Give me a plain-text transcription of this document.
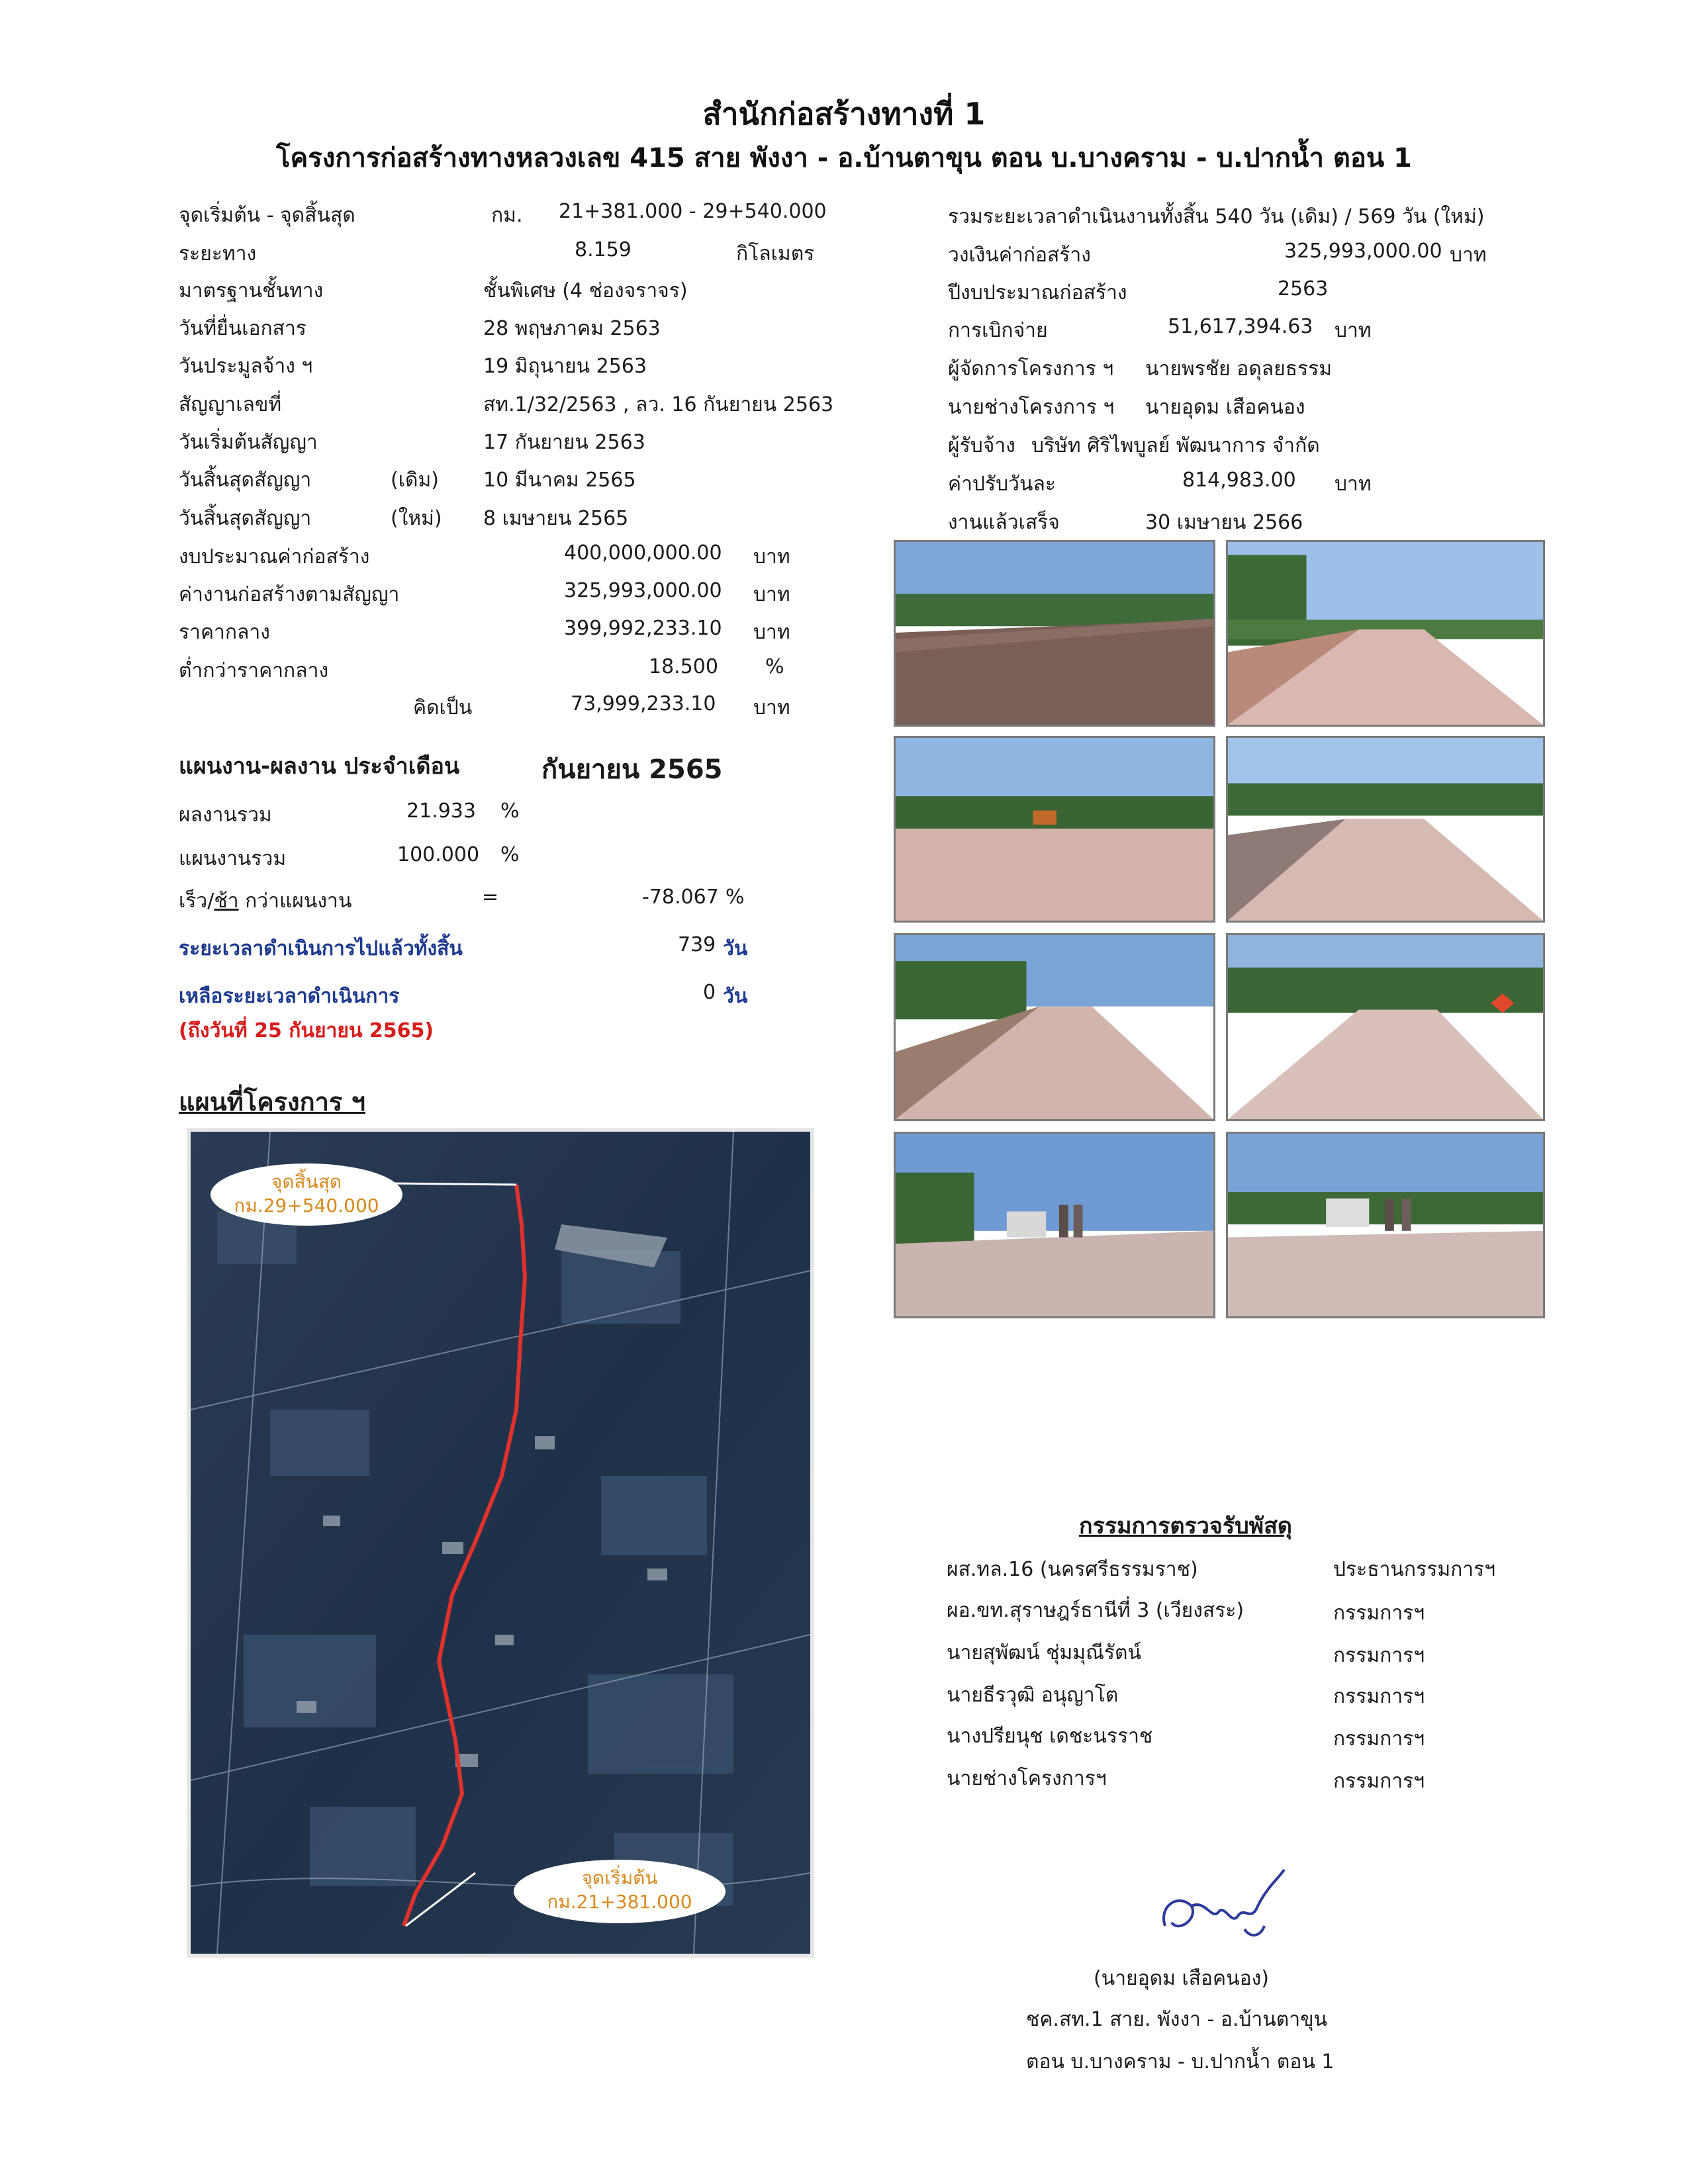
สำนักก่อสร้างทางที่ 1
โครงการก่อสร้างทางหลวงเลข 415 สาย พังงา - อ.บ้านตาขุน ตอน บ.บางคราม - บ.ปากน้ำ ตอน 1
จุดเริ่มต้น - จุดสิ้นสุด	กม. 21+381.000 - 29+540.000
ระยะทาง	8.159	กิโลเมตร
มาตรฐานชั้นทาง	ชั้นพิเศษ (4 ช่องจราจร)
วันที่ยื่นเอกสาร	28 พฤษภาคม 2563
วันประมูลจ้าง ฯ	19 มิถุนายน 2563
สัญญาเลขที่	สท.1/32/2563 , ลว. 16 กันยายน 2563
วันเริ่มต้นสัญญา	17 กันยายน 2563
วันสิ้นสุดสัญญา	(เดิม) 10 มีนาคม 2565
วันสิ้นสุดสัญญา	(ใหม่) 8 เมษายน 2565
งบประมาณค่าก่อสร้าง	400,000,000.00 บาท
ค่างานก่อสร้างตามสัญญา	325,993,000.00 บาท
ราคากลาง	399,992,233.10 บาท
ต่ำกว่าราคากลาง	18.500 %
คิดเป็น	73,999,233.10 บาท
รวมระยะเวลาดำเนินงานทั้งสิ้น 540 วัน (เดิม) / 569 วัน (ใหม่)
วงเงินค่าก่อสร้าง	325,993,000.00 บาท
ปีงบประมาณก่อสร้าง	2563
การเบิกจ่าย	51,617,394.63 บาท
ผู้จัดการโครงการ ฯ นายพรชัย อดุลยธรรม
นายช่างโครงการ ฯ นายอุดม เสือคนอง
ผู้รับจ้าง บริษัท ศิริไพบูลย์ พัฒนาการ จำกัด
ค่าปรับวันละ	814,983.00 บาท
งานแล้วเสร็จ	30 เมษายน 2566
แผนงาน-ผลงาน ประจำเดือน	กันยายน 2565
ผลงานรวม	21.933 %
แผนงานรวม	100.000 %
เร็ว/ช้า กว่าแผนงาน	=	-78.067 %
ระยะเวลาดำเนินการไปแล้วทั้งสิ้น	739 วัน
เหลือระยะเวลาดำเนินการ	0 วัน
(ถึงวันที่ 25 กันยายน 2565)
แผนที่โครงการ ฯ
จุดสิ้นสุด
กม.29+540.000
จุดเริ่มต้น
กม.21+381.000
กรรมการตรวจรับพัสดุ
ผส.ทล.16 (นครศรีธรรมราช)	ประธานกรรมการฯ
ผอ.ขท.สุราษฎร์ธานีที่ 3 (เวียงสระ)	กรรมการฯ
นายสุพัฒน์ ชุ่มมุณีรัตน์	กรรมการฯ
นายธีรวุฒิ อนุญาโต	กรรมการฯ
นางปรียนุช เดชะนรราช	กรรมการฯ
นายช่างโครงการฯ	กรรมการฯ
(นายอุดม เสือคนอง)
ชค.สท.1 สาย. พังงา - อ.บ้านตาขุน
ตอน บ.บางคราม - บ.ปากน้ำ ตอน 1
